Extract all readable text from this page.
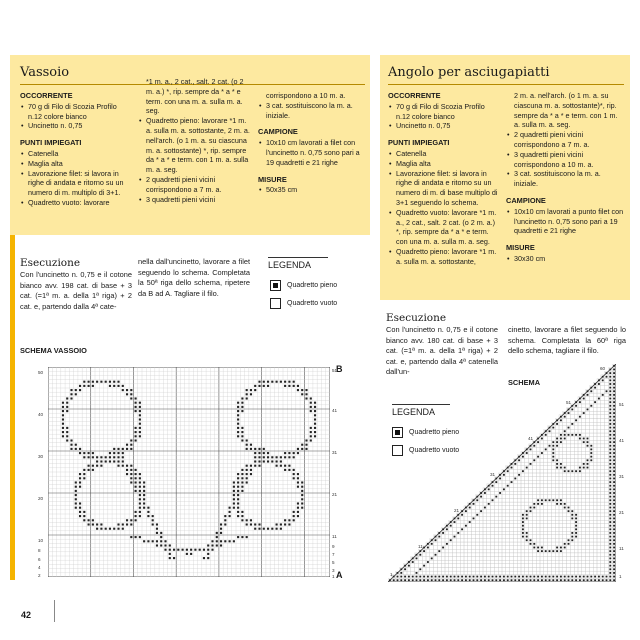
Vassoio
OCCORRENTE
• 70 g di Filo di Scozia Profilo n.12 colore bianco
• Uncinetto n. 0,75
PUNTI IMPIEGATI
• Catenella
• Maglia alta
• Lavorazione filet: si lavora in righe di andata e ritorno su un numero di m. multiplo di 3+1.
• Quadretto vuoto: lavorare
*1 m. a., 2 cat., salt. 2 cat. (o 2 m. a.) *, rip. sempre da * a * e term. con una m. a. sulla m. a. seg.
• Quadretto pieno: lavorare *1 m. a. sulla m. a. sottostante, 2 m. a. nell'arch. (o 1 m. a. su ciascuna m. a. sottostante) *, rip. sempre da * a * e term. con 1 m. a. sulla m. a. seg.
• 2 quadretti pieni vicini corrispondono a 7 m. a.
• 3 quadretti pieni vicini
corrispondono a 10 m. a.
• 3 cat. sostituiscono la m. a. iniziale.
CAMPIONE
• 10x10 cm lavorati a filet con l'uncinetto n. 0,75 sono pari a 19 quadretti e 21 righe
MISURE
• 50x35 cm
Esecuzione
Con l'uncinetto n. 0,75 e il cotone bianco avv. 198 cat. di base + 3 cat. (=1ª m. a. della 1ª riga) + 2 cat. e, partendo dalla 4ª cate-
nella dall'uncinetto, lavorare a filet seguendo lo schema. Completata la 50ª riga dello schema, ripetere da B ad A. Tagliare il filo.
LEGENDA
Quadretto pieno
Quadretto vuoto
SCHEMA VASSOIO
50
40
30
20
10
8
6
4
2
51
41
31
21
11
9
7
5
3
1
B
A
Angolo per asciugapiatti
OCCORRENTE
• 70 g di Filo di Scozia Profilo n.12 colore bianco
• Uncinetto n. 0,75
PUNTI IMPIEGATI
• Catenella
• Maglia alta
• Lavorazione filet: si lavora in righe di andata e ritorno su un numero di m. di base multiplo di 3+1 seguendo lo schema.
• Quadretto vuoto: lavorare *1 m. a., 2 cat., salt. 2 cat. (o 2 m. a.) *, rip. sempre da * a * e term. con una m. a. sulla m. a. seg.
• Quadretto pieno: lavorare *1 m. a. sulla m. a. sottostante,
2 m. a. nell'arch. (o 1 m. a. su ciascuna m. a. sottostante)*, rip. sempre da * a * e term. con 1 m. a. sulla m. a. seg.
• 2 quadretti pieni vicini corrispondono a 7 m. a.
• 3 quadretti pieni vicini corrispondono a 10 m. a.
• 3 cat. sostituiscono la m. a. iniziale.
CAMPIONE
• 10x10 cm lavorati a punto filet con l'uncinetto n. 0,75 sono pari a 19 quadretti e 21 righe
MISURE
• 30x30 cm
Esecuzione
Con l'uncinetto n. 0,75 e il cotone bianco avv. 180 cat. di base + 3 cat. (=1ª m. a. della 1ª riga) + 2 cat. e, partendo dalla 4ª catenella dall'un-
cinetto, lavorare a filet seguendo lo schema. Completata la 60ª riga dello schema, tagliare il filo.
SCHEMA
LEGENDA
Quadretto pieno
Quadretto vuoto
60
51
41
31
21
11
1
51
41
31
21
11
1
42
